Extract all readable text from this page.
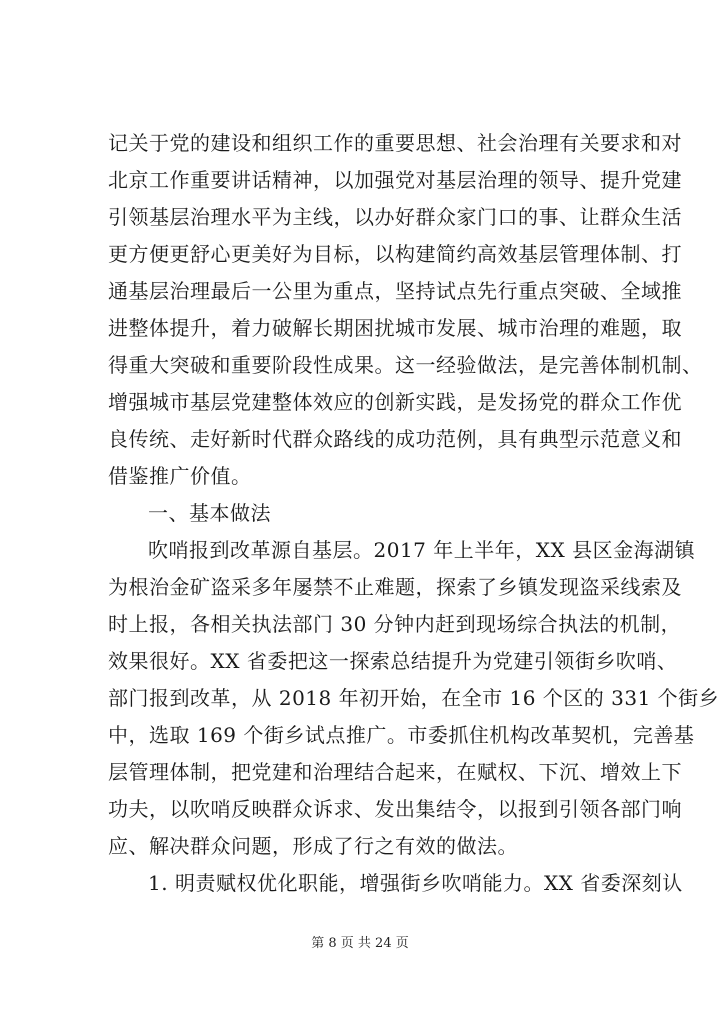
记关于党的建设和组织工作的重要思想、社会治理有关要求和对
北京工作重要讲话精神，以加强党对基层治理的领导、提升党建
引领基层治理水平为主线，以办好群众家门口的事、让群众生活
更方便更舒心更美好为目标，以构建简约高效基层管理体制、打
通基层治理最后一公里为重点，坚持试点先行重点突破、全域推
进整体提升，着力破解长期困扰城市发展、城市治理的难题，取
得重大突破和重要阶段性成果。这一经验做法，是完善体制机制、
增强城市基层党建整体效应的创新实践，是发扬党的群众工作优
良传统、走好新时代群众路线的成功范例，具有典型示范意义和
借鉴推广价值。
一、基本做法
吹哨报到改革源自基层。2017 年上半年，XX 县区金海湖镇
为根治金矿盗采多年屡禁不止难题，探索了乡镇发现盗采线索及
时上报，各相关执法部门 30 分钟内赶到现场综合执法的机制，
效果很好。XX 省委把这一探索总结提升为党建引领街乡吹哨、
部门报到改革，从 2018 年初开始，在全市 16 个区的 331 个街乡
中，选取 169 个街乡试点推广。市委抓住机构改革契机，完善基
层管理体制，把党建和治理结合起来，在赋权、下沉、增效上下
功夫，以吹哨反映群众诉求、发出集结令，以报到引领各部门响
应、解决群众问题，形成了行之有效的做法。
1. 明责赋权优化职能，增强街乡吹哨能力。XX 省委深刻认
第 8 页 共 24 页
